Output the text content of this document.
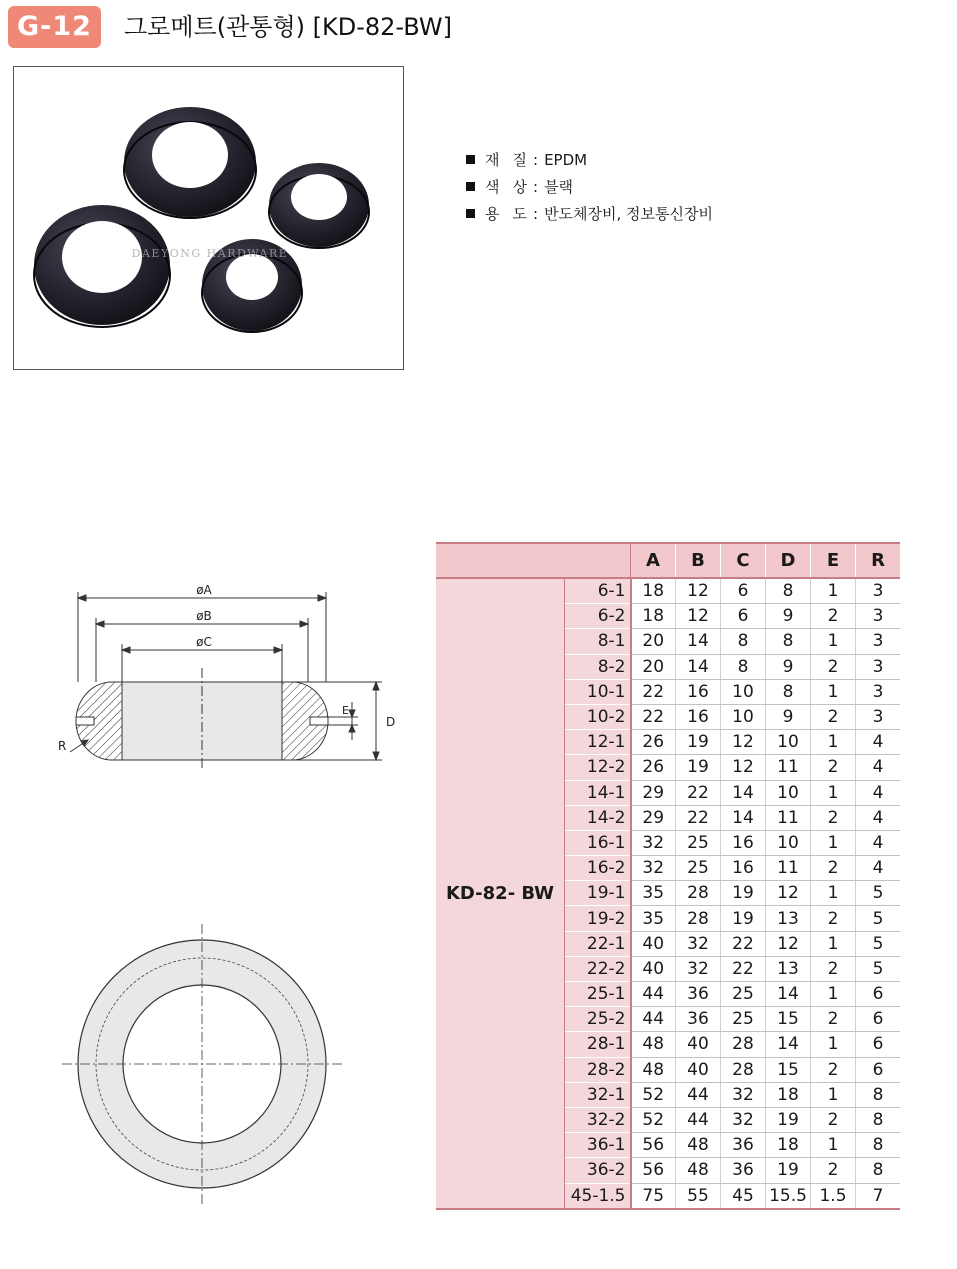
G-12	그로메트(관통형) [KD-82-BW]
DAEYONG HARDWARE
재 질 : EPDM
색 상 : 블랙
용 도 : 반도체장비, 정보통신장비
øA
øB
øC
D
E
R
		A	B	C	D	E	R
KD-82- BW	6-1	18	12	6	8	1	3
	6-2	18	12	6	9	2	3
	8-1	20	14	8	8	1	3
	8-2	20	14	8	9	2	3
	10-1	22	16	10	8	1	3
	10-2	22	16	10	9	2	3
	12-1	26	19	12	10	1	4
	12-2	26	19	12	11	2	4
	14-1	29	22	14	10	1	4
	14-2	29	22	14	11	2	4
	16-1	32	25	16	10	1	4
	16-2	32	25	16	11	2	4
	19-1	35	28	19	12	1	5
	19-2	35	28	19	13	2	5
	22-1	40	32	22	12	1	5
	22-2	40	32	22	13	2	5
	25-1	44	36	25	14	1	6
	25-2	44	36	25	15	2	6
	28-1	48	40	28	14	1	6
	28-2	48	40	28	15	2	6
	32-1	52	44	32	18	1	8
	32-2	52	44	32	19	2	8
	36-1	56	48	36	18	1	8
	36-2	56	48	36	19	2	8
	45-1.5	75	55	45	15.5	1.5	7
